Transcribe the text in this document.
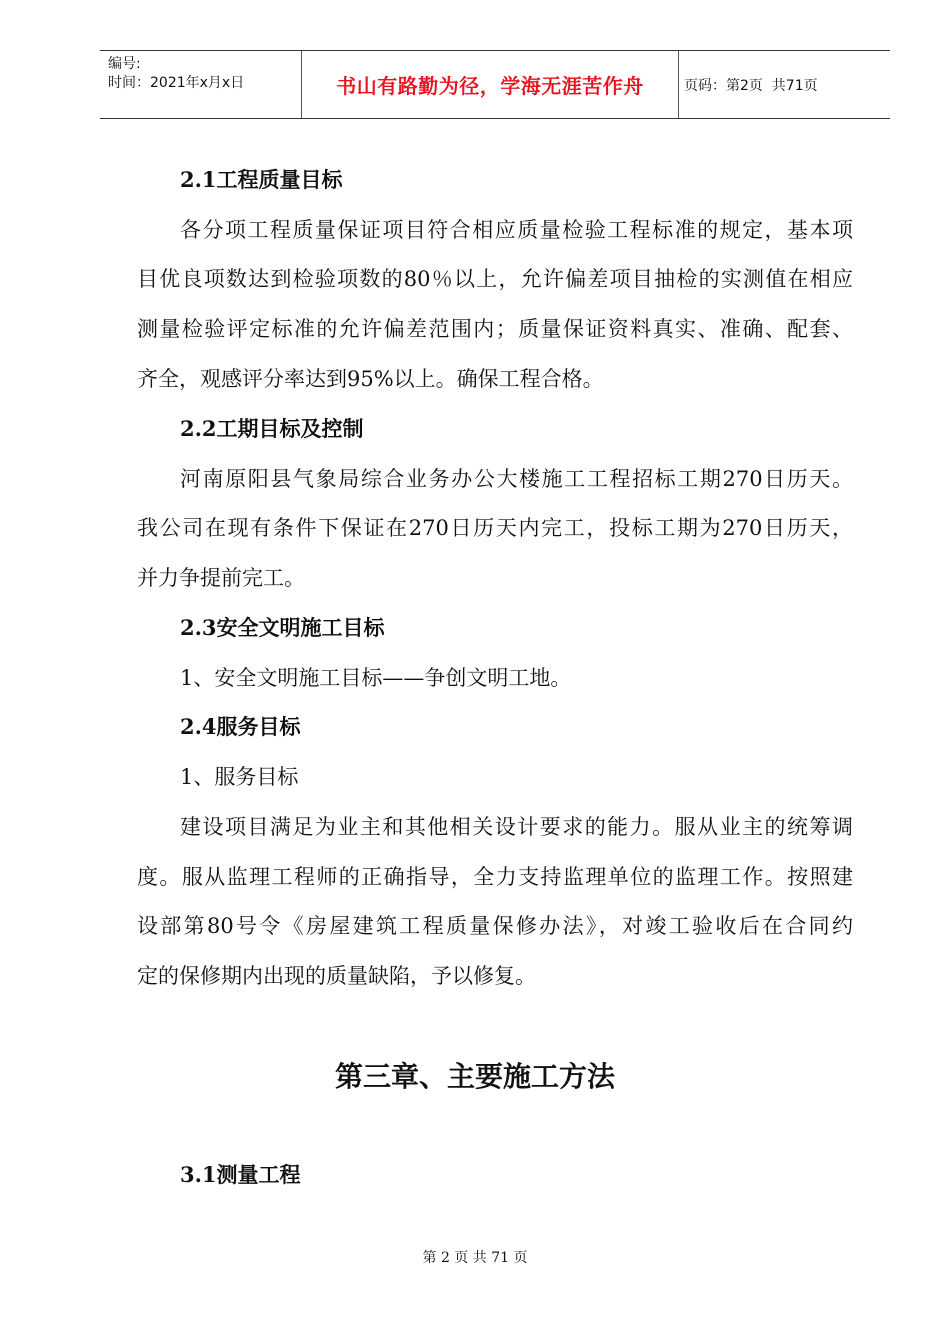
编号:
时间：2021年x月x日	书山有路勤为径，学海无涯苦作舟	页码：第2页  共71页
2.1工程质量目标
各分项工程质量保证项目符合相应质量检验工程标准的规定，基本项
目优良项数达到检验项数的80％以上，允许偏差项目抽检的实测值在相应
测量检验评定标准的允许偏差范围内；质量保证资料真实、准确、配套、
齐全，观感评分率达到95%以上。确保工程合格。
2.2工期目标及控制
河南原阳县气象局综合业务办公大楼施工工程招标工期270日历天。
我公司在现有条件下保证在270日历天内完工，投标工期为270日历天，
并力争提前完工。
2.3安全文明施工目标
1、安全文明施工目标——争创文明工地。
2.4服务目标
1、服务目标
建设项目满足为业主和其他相关设计要求的能力。服从业主的统筹调
度。服从监理工程师的正确指导，全力支持监理单位的监理工作。按照建
设部第80号令《房屋建筑工程质量保修办法》，对竣工验收后在合同约
定的保修期内出现的质量缺陷，予以修复。
第三章、主要施工方法
3.1测量工程
第 2 页 共 71 页
